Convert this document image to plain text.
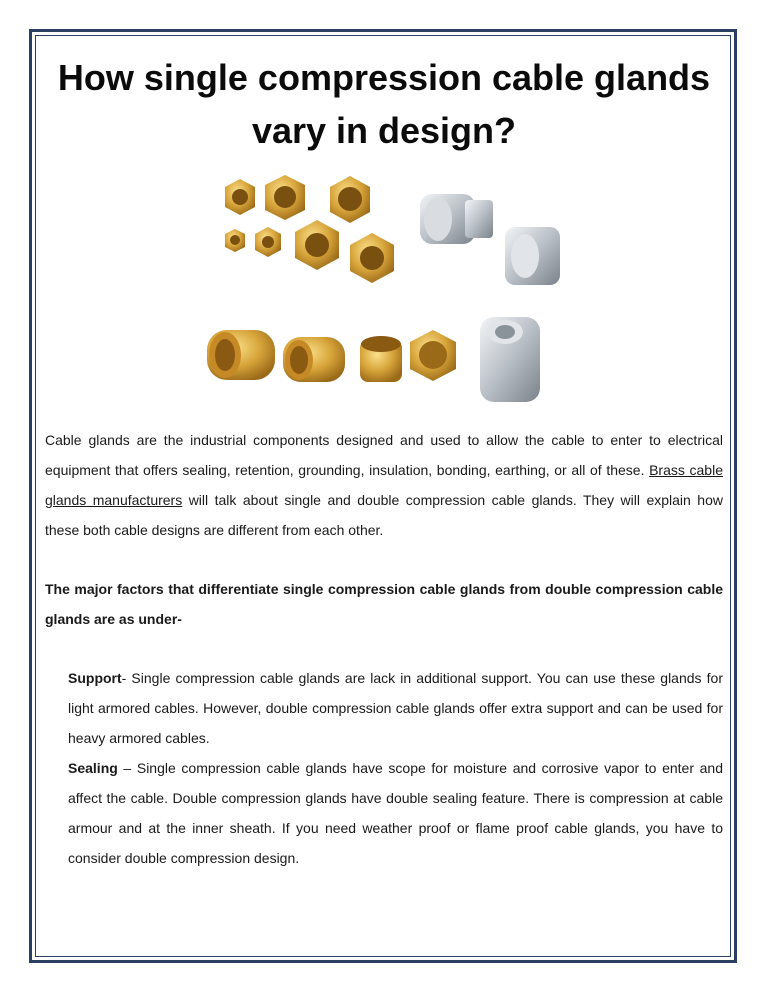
How single compression cable glands vary in design?
Cable glands are the industrial components designed and used to allow the cable to enter to electrical equipment that offers sealing, retention, grounding, insulation, bonding, earthing, or all of these. Brass cable glands manufacturers will talk about single and double compression cable glands. They will explain how these both cable designs are different from each other.
The major factors that differentiate single compression cable glands from double compression cable glands are as under-
Support- Single compression cable glands are lack in additional support. You can use these glands for light armored cables. However, double compression cable glands offer extra support and can be used for heavy armored cables.
Sealing – Single compression cable glands have scope for moisture and corrosive vapor to enter and affect the cable. Double compression glands have double sealing feature. There is compression at cable armour and at the inner sheath. If you need weather proof or flame proof cable glands, you have to consider double compression design.
